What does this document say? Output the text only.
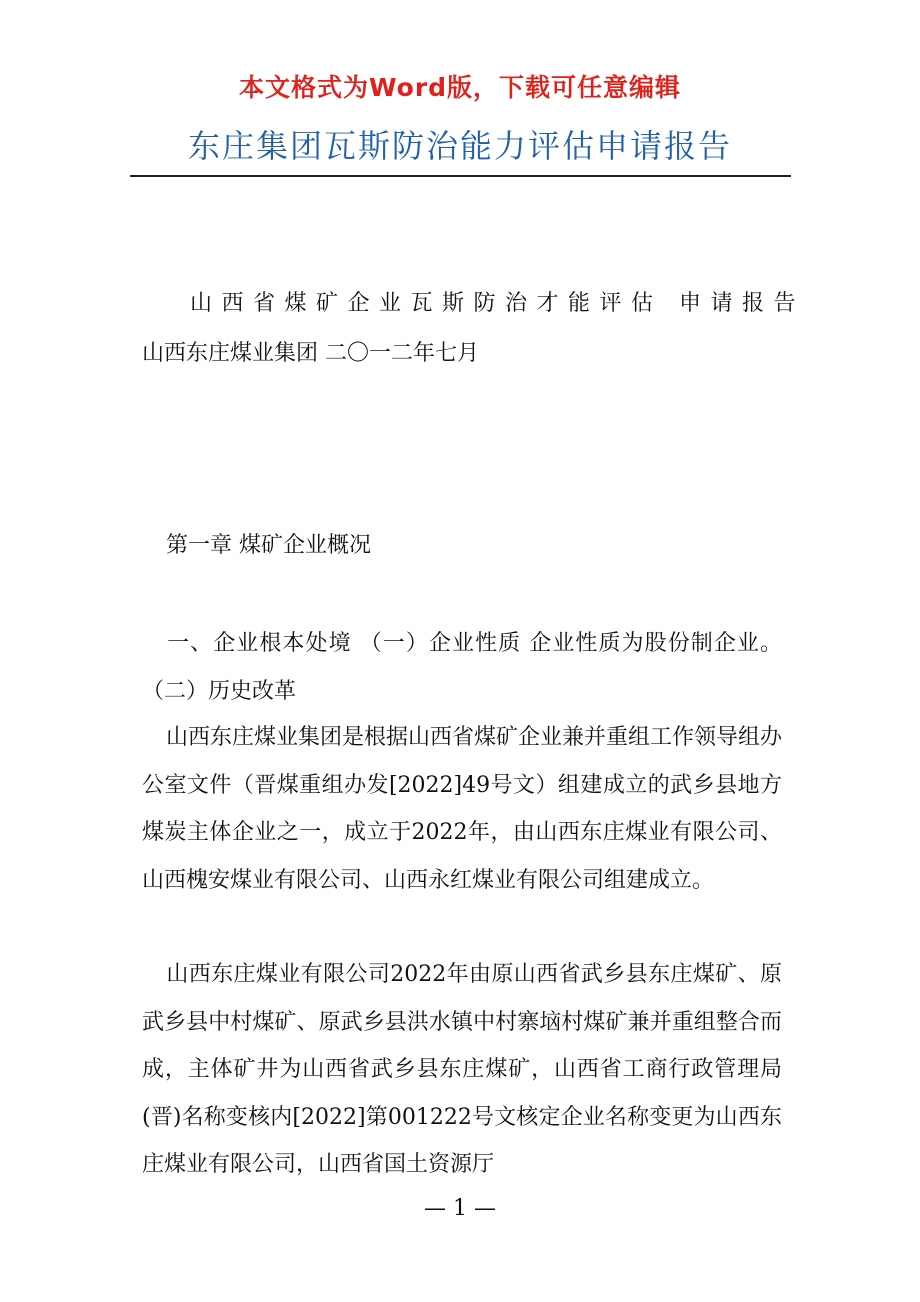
本文格式为Word版，下载可任意编辑
东庄集团瓦斯防治能力评估申请报告
山西省煤矿企业瓦斯防治才能评估 申请报告
山西东庄煤业集团 二〇一二年七月
第一章 煤矿企业概况
一、企业根本处境 （一）企业性质 企业性质为股份制企业。 （二）历史改革
山西东庄煤业集团是根据山西省煤矿企业兼并重组工作领导组办公室文件（晋煤重组办发[2022]49号文）组建成立的武乡县地方煤炭主体企业之一，成立于2022年，由山西东庄煤业有限公司、山西槐安煤业有限公司、山西永红煤业有限公司组建成立。
山西东庄煤业有限公司2022年由原山西省武乡县东庄煤矿、原武乡县中村煤矿、原武乡县洪水镇中村寨垴村煤矿兼并重组整合而成，主体矿井为山西省武乡县东庄煤矿，山西省工商行政管理局(晋)名称变核内[2022]第001222号文核定企业名称变更为山西东庄煤业有限公司，山西省国土资源厅
— 1 —
